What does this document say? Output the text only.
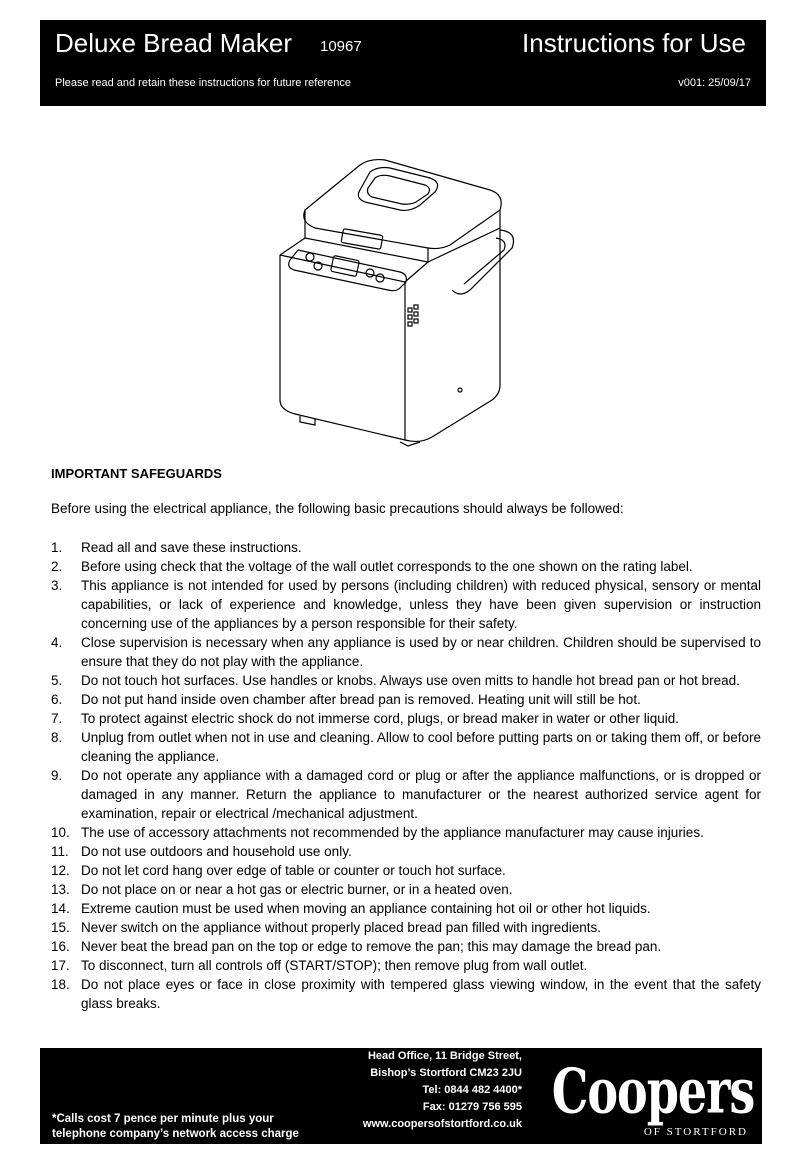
Deluxe Bread Maker 10967	Instructions for Use
Please read and retain these instructions for future reference	v001: 25/09/17
IMPORTANT SAFEGUARDS
Before using the electrical appliance, the following basic precautions should always be followed:
1. Read all and save these instructions.
2. Before using check that the voltage of the wall outlet corresponds to the one shown on the rating label.
3. This appliance is not intended for used by persons (including children) with reduced physical, sensory or mental capabilities, or lack of experience and knowledge, unless they have been given supervision or instruction concerning use of the appliances by a person responsible for their safety.
4. Close supervision is necessary when any appliance is used by or near children. Children should be supervised to ensure that they do not play with the appliance.
5. Do not touch hot surfaces. Use handles or knobs. Always use oven mitts to handle hot bread pan or hot bread.
6. Do not put hand inside oven chamber after bread pan is removed. Heating unit will still be hot.
7. To protect against electric shock do not immerse cord, plugs, or bread maker in water or other liquid.
8. Unplug from outlet when not in use and cleaning. Allow to cool before putting parts on or taking them off, or before cleaning the appliance.
9. Do not operate any appliance with a damaged cord or plug or after the appliance malfunctions, or is dropped or damaged in any manner. Return the appliance to manufacturer or the nearest authorized service agent for examination, repair or electrical /mechanical adjustment.
10. The use of accessory attachments not recommended by the appliance manufacturer may cause injuries.
11. Do not use outdoors and household use only.
12. Do not let cord hang over edge of table or counter or touch hot surface.
13. Do not place on or near a hot gas or electric burner, or in a heated oven.
14. Extreme caution must be used when moving an appliance containing hot oil or other hot liquids.
15. Never switch on the appliance without properly placed bread pan filled with ingredients.
16. Never beat the bread pan on the top or edge to remove the pan; this may damage the bread pan.
17. To disconnect, turn all controls off (START/STOP); then remove plug from wall outlet.
18. Do not place eyes or face in close proximity with tempered glass viewing window, in the event that the safety glass breaks.
Head Office, 11 Bridge Street,
Bishop’s Stortford CM23 2JU
Tel: 0844 482 4400*
Fax: 01279 756 595
www.coopersofstortford.co.uk
*Calls cost 7 pence per minute plus your
telephone company’s network access charge
Coopers
OF STORTFORD
